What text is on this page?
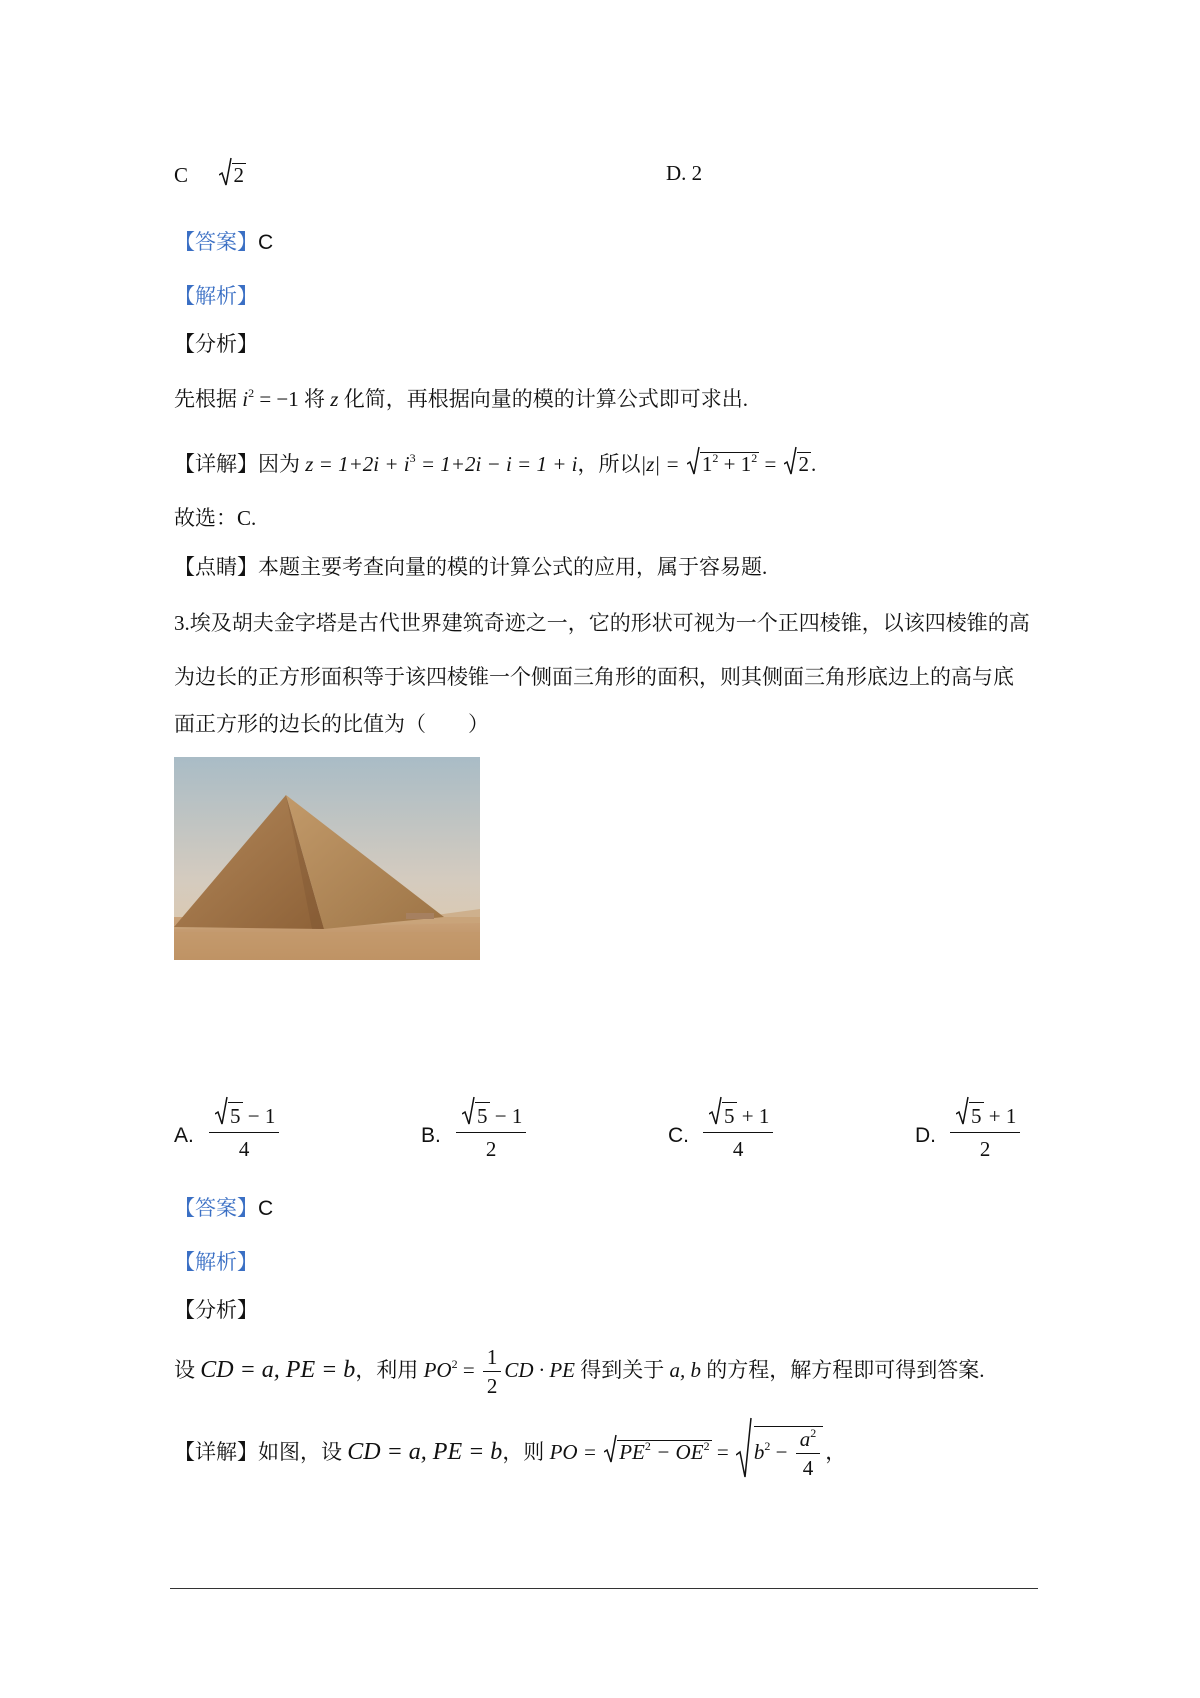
C 2	D. 2
【答案】C
【解析】
【分析】
先根据 $i^2 = -1$ 将 z 化简，再根据向量的模的计算公式即可求出.
【详解】因为 $z = 1+2i + i^3 = 1+2i - i = 1 + i$，所以|z| =
$1^2 + 1^2$ =
2.
故选：C.
【点睛】本题主要考查向量的模的计算公式的应用，属于容易题.
3.埃及胡夫金字塔是古代世界建筑奇迹之一，它的形状可视为一个正四棱锥，以该四棱锥的高
为边长的正方形面积等于该四棱锥一个侧面三角形的面积，则其侧面三角形底边上的高与底
面正方形的边长的比值为（　　）
A. $\frac{5 - 1}{4}$	B. $\frac{5 - 1}{2}$	C. $\frac{5 + 1}{4}$	D. $\frac{5 + 1}{2}$
【答案】C
【解析】
【分析】
设 CD = a, PE = b，利用 $PO^2 = \frac{1}{2}$ CD · PE 得到关于 a, b 的方程，解方程即可得到答案.
【详解】如图，设 CD = a, PE = b，则 PO =
$PE^2 - OE^2$ =
$b^2 - \frac{a^2}{4}$ ，
